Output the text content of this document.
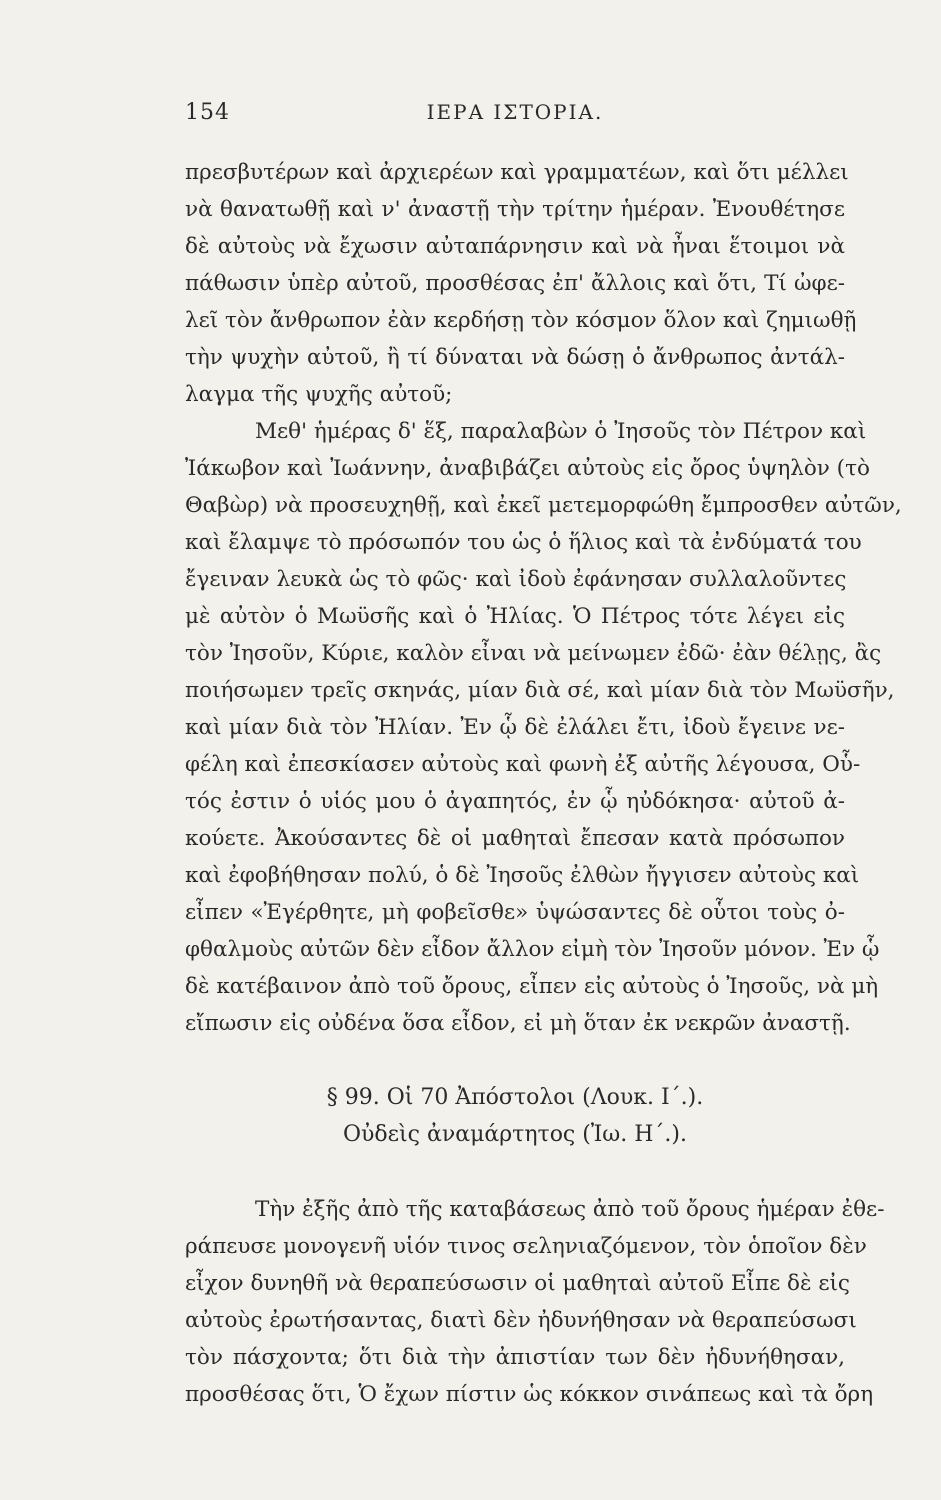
154	ΙΕΡΑ ΙΣΤΟΡΙΑ.
πρεσβυτέρων καὶ ἀρχιερέων καὶ γραμματέων, καὶ ὅτι μέλλει
νὰ θανατωθῇ καὶ ν' ἀναστῇ τὴν τρίτην ἡμέραν. Ἐνουθέτησε
δὲ αὐτοὺς νὰ ἔχωσιν αὐταπάρνησιν καὶ νὰ ἦναι ἕτοιμοι νὰ
πάθωσιν ὑπὲρ αὐτοῦ, προσθέσας ἐπ' ἄλλοις καὶ ὅτι, Τί ὠφε-
λεῖ τὸν ἄνθρωπον ἐὰν κερδήσῃ τὸν κόσμον ὅλον καὶ ζημιωθῇ
τὴν ψυχὴν αὐτοῦ, ἢ τί δύναται νὰ δώσῃ ὁ ἄνθρωπος ἀντάλ-
λαγμα τῆς ψυχῆς αὐτοῦ;
Μεθ' ἡμέρας δ' ἕξ, παραλαβὼν ὁ Ἰησοῦς τὸν Πέτρον καὶ
Ἰάκωβον καὶ Ἰωάννην, ἀναβιβάζει αὐτοὺς εἰς ὄρος ὑψηλὸν (τὸ
Θαβὼρ) νὰ προσευχηθῇ, καὶ ἐκεῖ μετεμορφώθη ἔμπροσθεν αὐτῶν,
καὶ ἔλαμψε τὸ πρόσωπόν του ὡς ὁ ἥλιος καὶ τὰ ἐνδύματά του
ἔγειναν λευκὰ ὡς τὸ φῶς· καὶ ἰδοὺ ἐφάνησαν συλλαλοῦντες
μὲ αὐτὸν ὁ Μωϋσῆς καὶ ὁ Ἠλίας. Ὁ Πέτρος τότε λέγει εἰς
τὸν Ἰησοῦν, Κύριε, καλὸν εἶναι νὰ μείνωμεν ἐδῶ· ἐὰν θέλῃς, ἂς
ποιήσωμεν τρεῖς σκηνάς, μίαν διὰ σέ, καὶ μίαν διὰ τὸν Μωϋσῆν,
καὶ μίαν διὰ τὸν Ἠλίαν. Ἐν ᾧ δὲ ἐλάλει ἔτι, ἰδοὺ ἔγεινε νε-
φέλη καὶ ἐπεσκίασεν αὐτοὺς καὶ φωνὴ ἐξ αὐτῆς λέγουσα, Οὗ-
τός ἐστιν ὁ υἱός μου ὁ ἀγαπητός, ἐν ᾧ ηὐδόκησα· αὐτοῦ ἀ-
κούετε. Ἀκούσαντες δὲ οἱ μαθηταὶ ἔπεσαν κατὰ πρόσωπον
καὶ ἐφοβήθησαν πολύ, ὁ δὲ Ἰησοῦς ἐλθὼν ἤγγισεν αὐτοὺς καὶ
εἶπεν «Ἐγέρθητε, μὴ φοβεῖσθε» ὑψώσαντες δὲ οὗτοι τοὺς ὀ-
φθαλμοὺς αὐτῶν δὲν εἶδον ἄλλον εἰμὴ τὸν Ἰησοῦν μόνον. Ἐν ᾧ
δὲ κατέβαινον ἀπὸ τοῦ ὄρους, εἶπεν εἰς αὐτοὺς ὁ Ἰησοῦς, νὰ μὴ
εἴπωσιν εἰς οὐδένα ὅσα εἶδον, εἰ μὴ ὅταν ἐκ νεκρῶν ἀναστῇ.
§ 99. Οἱ 70 Ἀπόστολοι (Λουκ. Ι΄.).
Οὐδεὶς ἀναμάρτητος (Ἰω. Η΄.).
Τὴν ἐξῆς ἀπὸ τῆς καταβάσεως ἀπὸ τοῦ ὄρους ἡμέραν ἐθε-
ράπευσε μονογενῆ υἱόν τινος σεληνιαζόμενον, τὸν ὁποῖον δὲν
εἶχον δυνηθῆ νὰ θεραπεύσωσιν οἱ μαθηταὶ αὐτοῦ Εἶπε δὲ εἰς
αὐτοὺς ἐρωτήσαντας, διατὶ δὲν ἠδυνήθησαν νὰ θεραπεύσωσι
τὸν πάσχοντα; ὅτι διὰ τὴν ἀπιστίαν των δὲν ἠδυνήθησαν,
προσθέσας ὅτι, Ὁ ἔχων πίστιν ὡς κόκκον σινάπεως καὶ τὰ ὄρη
